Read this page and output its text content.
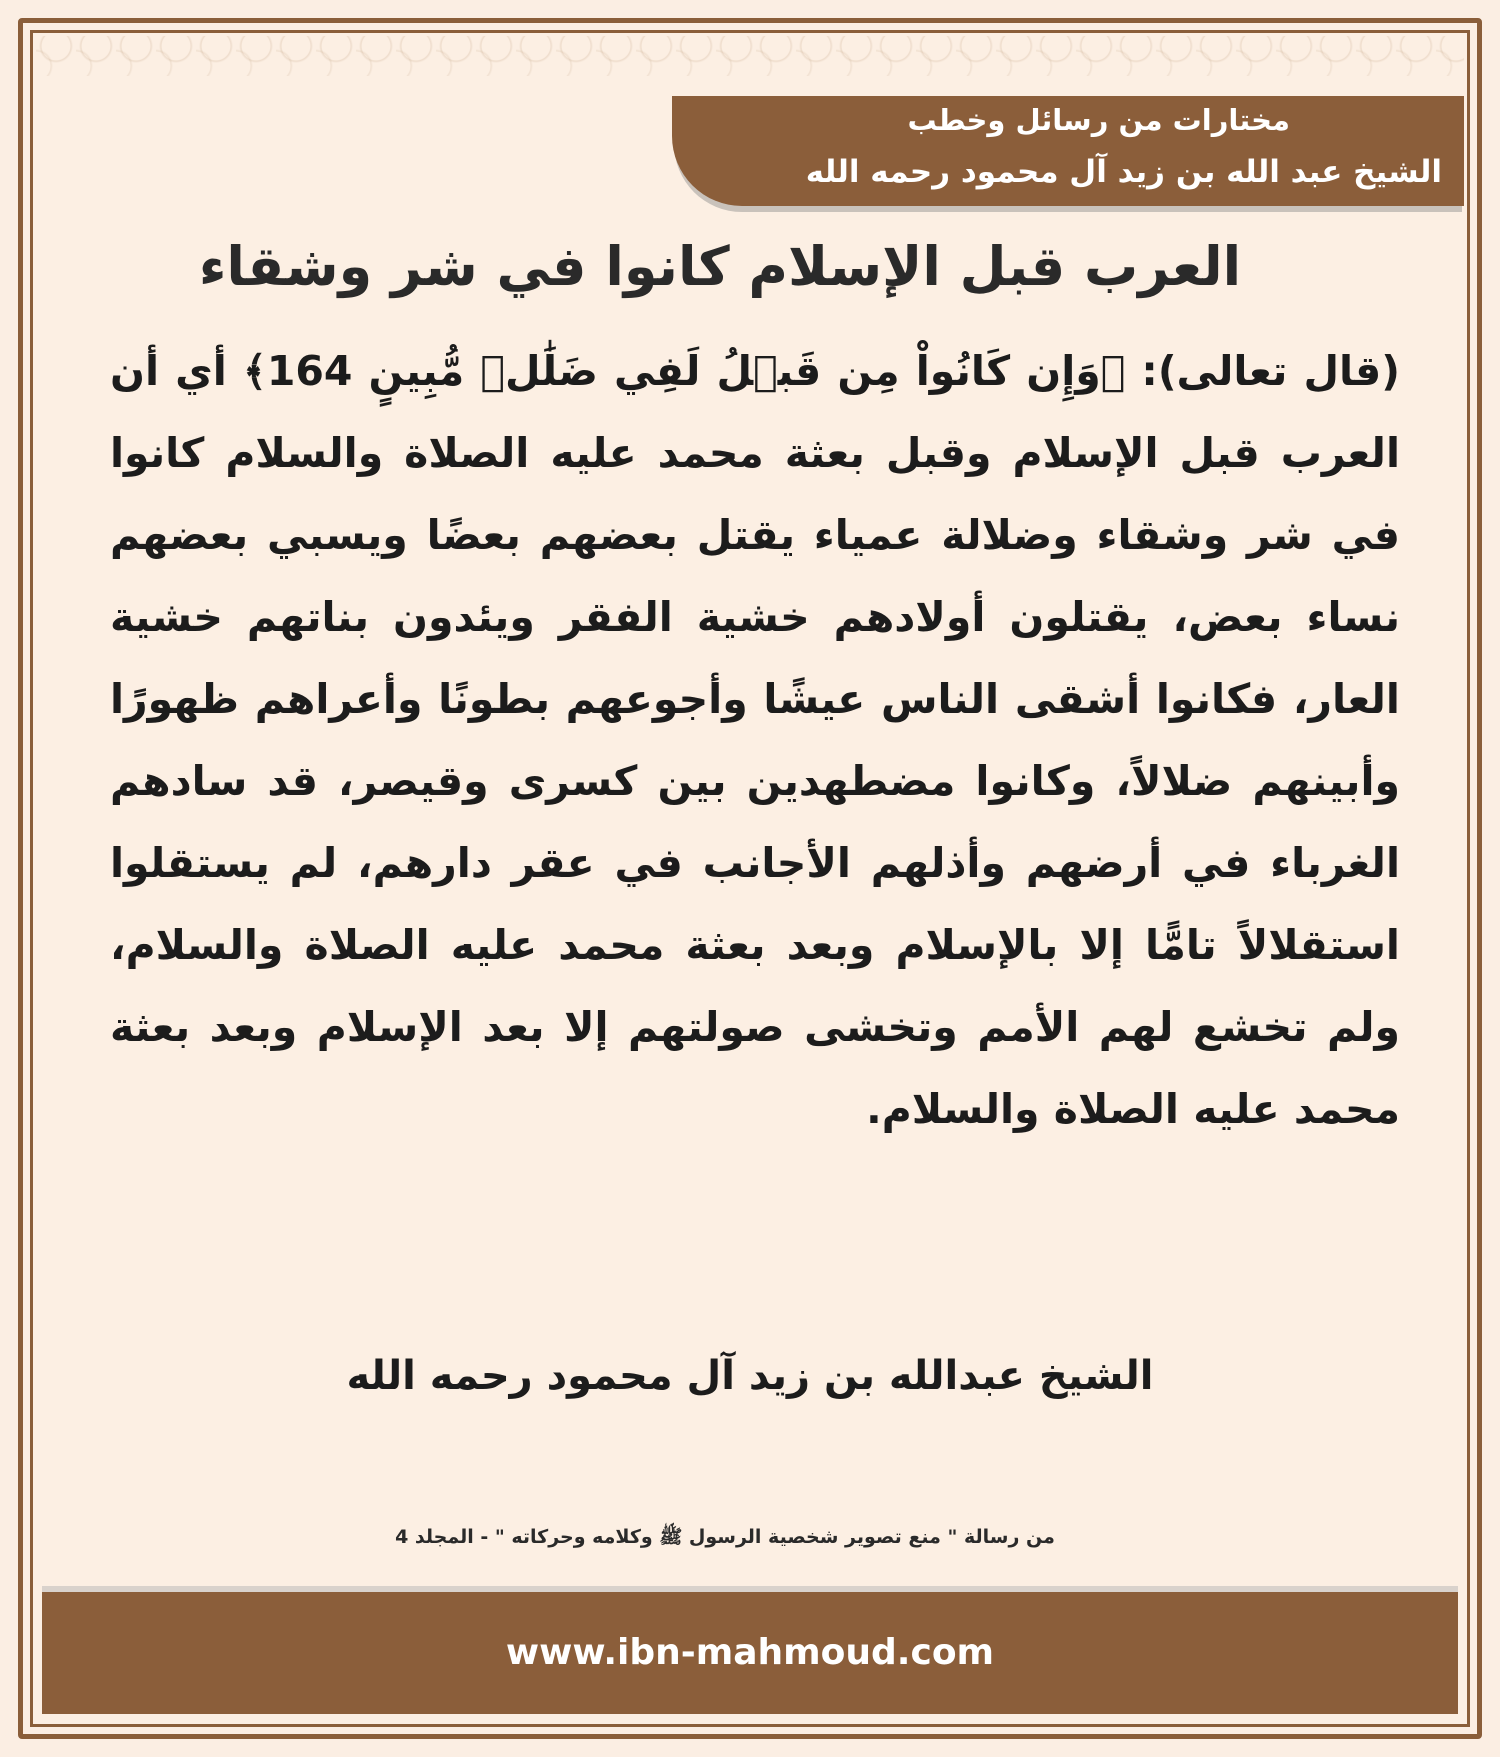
مختارات من رسائل وخطب
الشيخ عبد الله بن زيد آل محمود رحمه الله
العرب قبل الإسلام كانوا في شر وشقاء
(قال تعالى): ﴿وَإِن كَانُواْ مِن قَبۡلُ لَفِي ضَلَٰلٖ مُّبِينٍ 164﴾ أي أن العرب قبل الإسلام وقبل بعثة محمد عليه الصلاة والسلام كانوا في شر وشقاء وضلالة عمياء يقتل بعضهم بعضًا ويسبي بعضهم نساء بعض، يقتلون أولادهم خشية الفقر ويئدون بناتهم خشية العار، فكانوا أشقى الناس عيشًا وأجوعهم بطونًا وأعراهم ظهورًا وأبينهم ضلالاً، وكانوا مضطهدين بين كسرى وقيصر، قد سادهم الغرباء في أرضهم وأذلهم الأجانب في عقر دارهم، لم يستقلوا استقلالاً تامًّا إلا بالإسلام وبعد بعثة محمد عليه الصلاة والسلام، ولم تخشع لهم الأمم وتخشى صولتهم إلا بعد الإسلام وبعد بعثة محمد عليه الصلاة والسلام.
الشيخ عبدالله بن زيد آل محمود رحمه الله
من رسالة " منع تصوير شخصية الرسول ﷺ وكلامه وحركاته " - المجلد 4
www.ibn-mahmoud.com
